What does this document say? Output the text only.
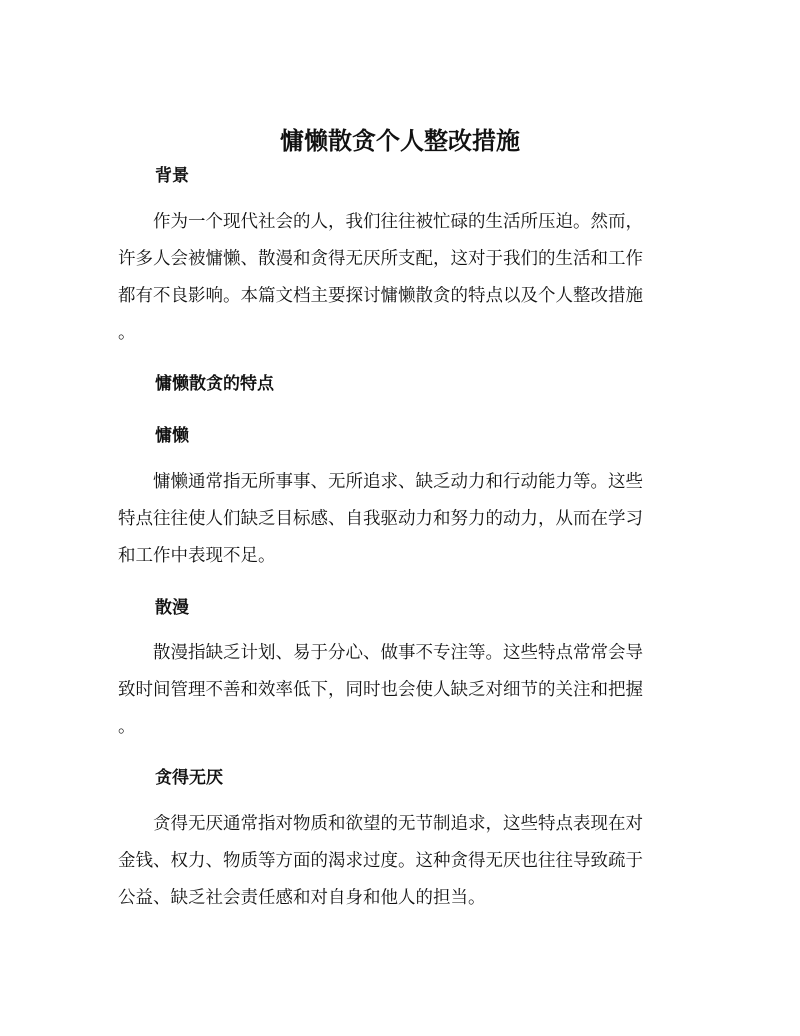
慵懒散贪个人整改措施
背景

作为一个现代社会的人，我们往往被忙碌的生活所压迫。然而，
许多人会被慵懒、散漫和贪得无厌所支配，这对于我们的生活和工作
都有不良影响。本篇文档主要探讨慵懒散贪的特点以及个人整改措施
。

慵懒散贪的特点
慵懒

慵懒通常指无所事事、无所追求、缺乏动力和行动能力等。这些
特点往往使人们缺乏目标感、自我驱动力和努力的动力，从而在学习
和工作中表现不足。

散漫

散漫指缺乏计划、易于分心、做事不专注等。这些特点常常会导
致时间管理不善和效率低下，同时也会使人缺乏对细节的关注和把握
。

贪得无厌

贪得无厌通常指对物质和欲望的无节制追求，这些特点表现在对
金钱、权力、物质等方面的渴求过度。这种贪得无厌也往往导致疏于
公益、缺乏社会责任感和对自身和他人的担当。
